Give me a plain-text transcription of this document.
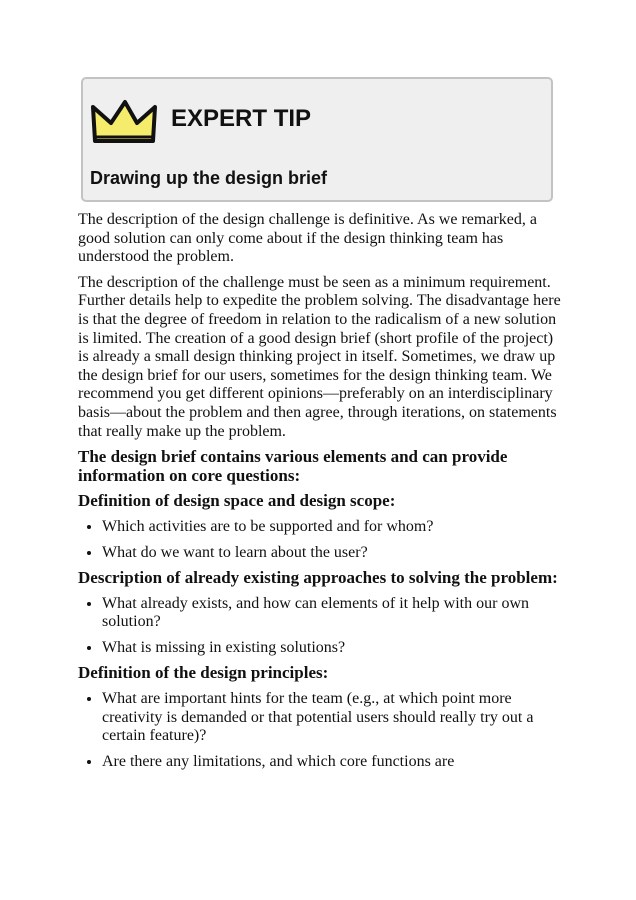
EXPERT TIP
Drawing up the design brief

The description of the design challenge is definitive. As we remarked, a good solution can only come about if the design thinking team has understood the problem.

The description of the challenge must be seen as a minimum requirement. Further details help to expedite the problem solving. The disadvantage here is that the degree of freedom in relation to the radicalism of a new solution is limited. The creation of a good design brief (short profile of the project) is already a small design thinking project in itself. Sometimes, we draw up the design brief for our users, sometimes for the design thinking team. We recommend you get different opinions—preferably on an interdisciplinary basis—about the problem and then agree, through iterations, on statements that really make up the problem.

The design brief contains various elements and can provide information on core questions:
Definition of design space and design scope:
• Which activities are to be supported and for whom?
• What do we want to learn about the user?
Description of already existing approaches to solving the problem:
• What already exists, and how can elements of it help with our own solution?
• What is missing in existing solutions?
Definition of the design principles:
• What are important hints for the team (e.g., at which point more creativity is demanded or that potential users should really try out a certain feature)?
• Are there any limitations, and which core functions are
